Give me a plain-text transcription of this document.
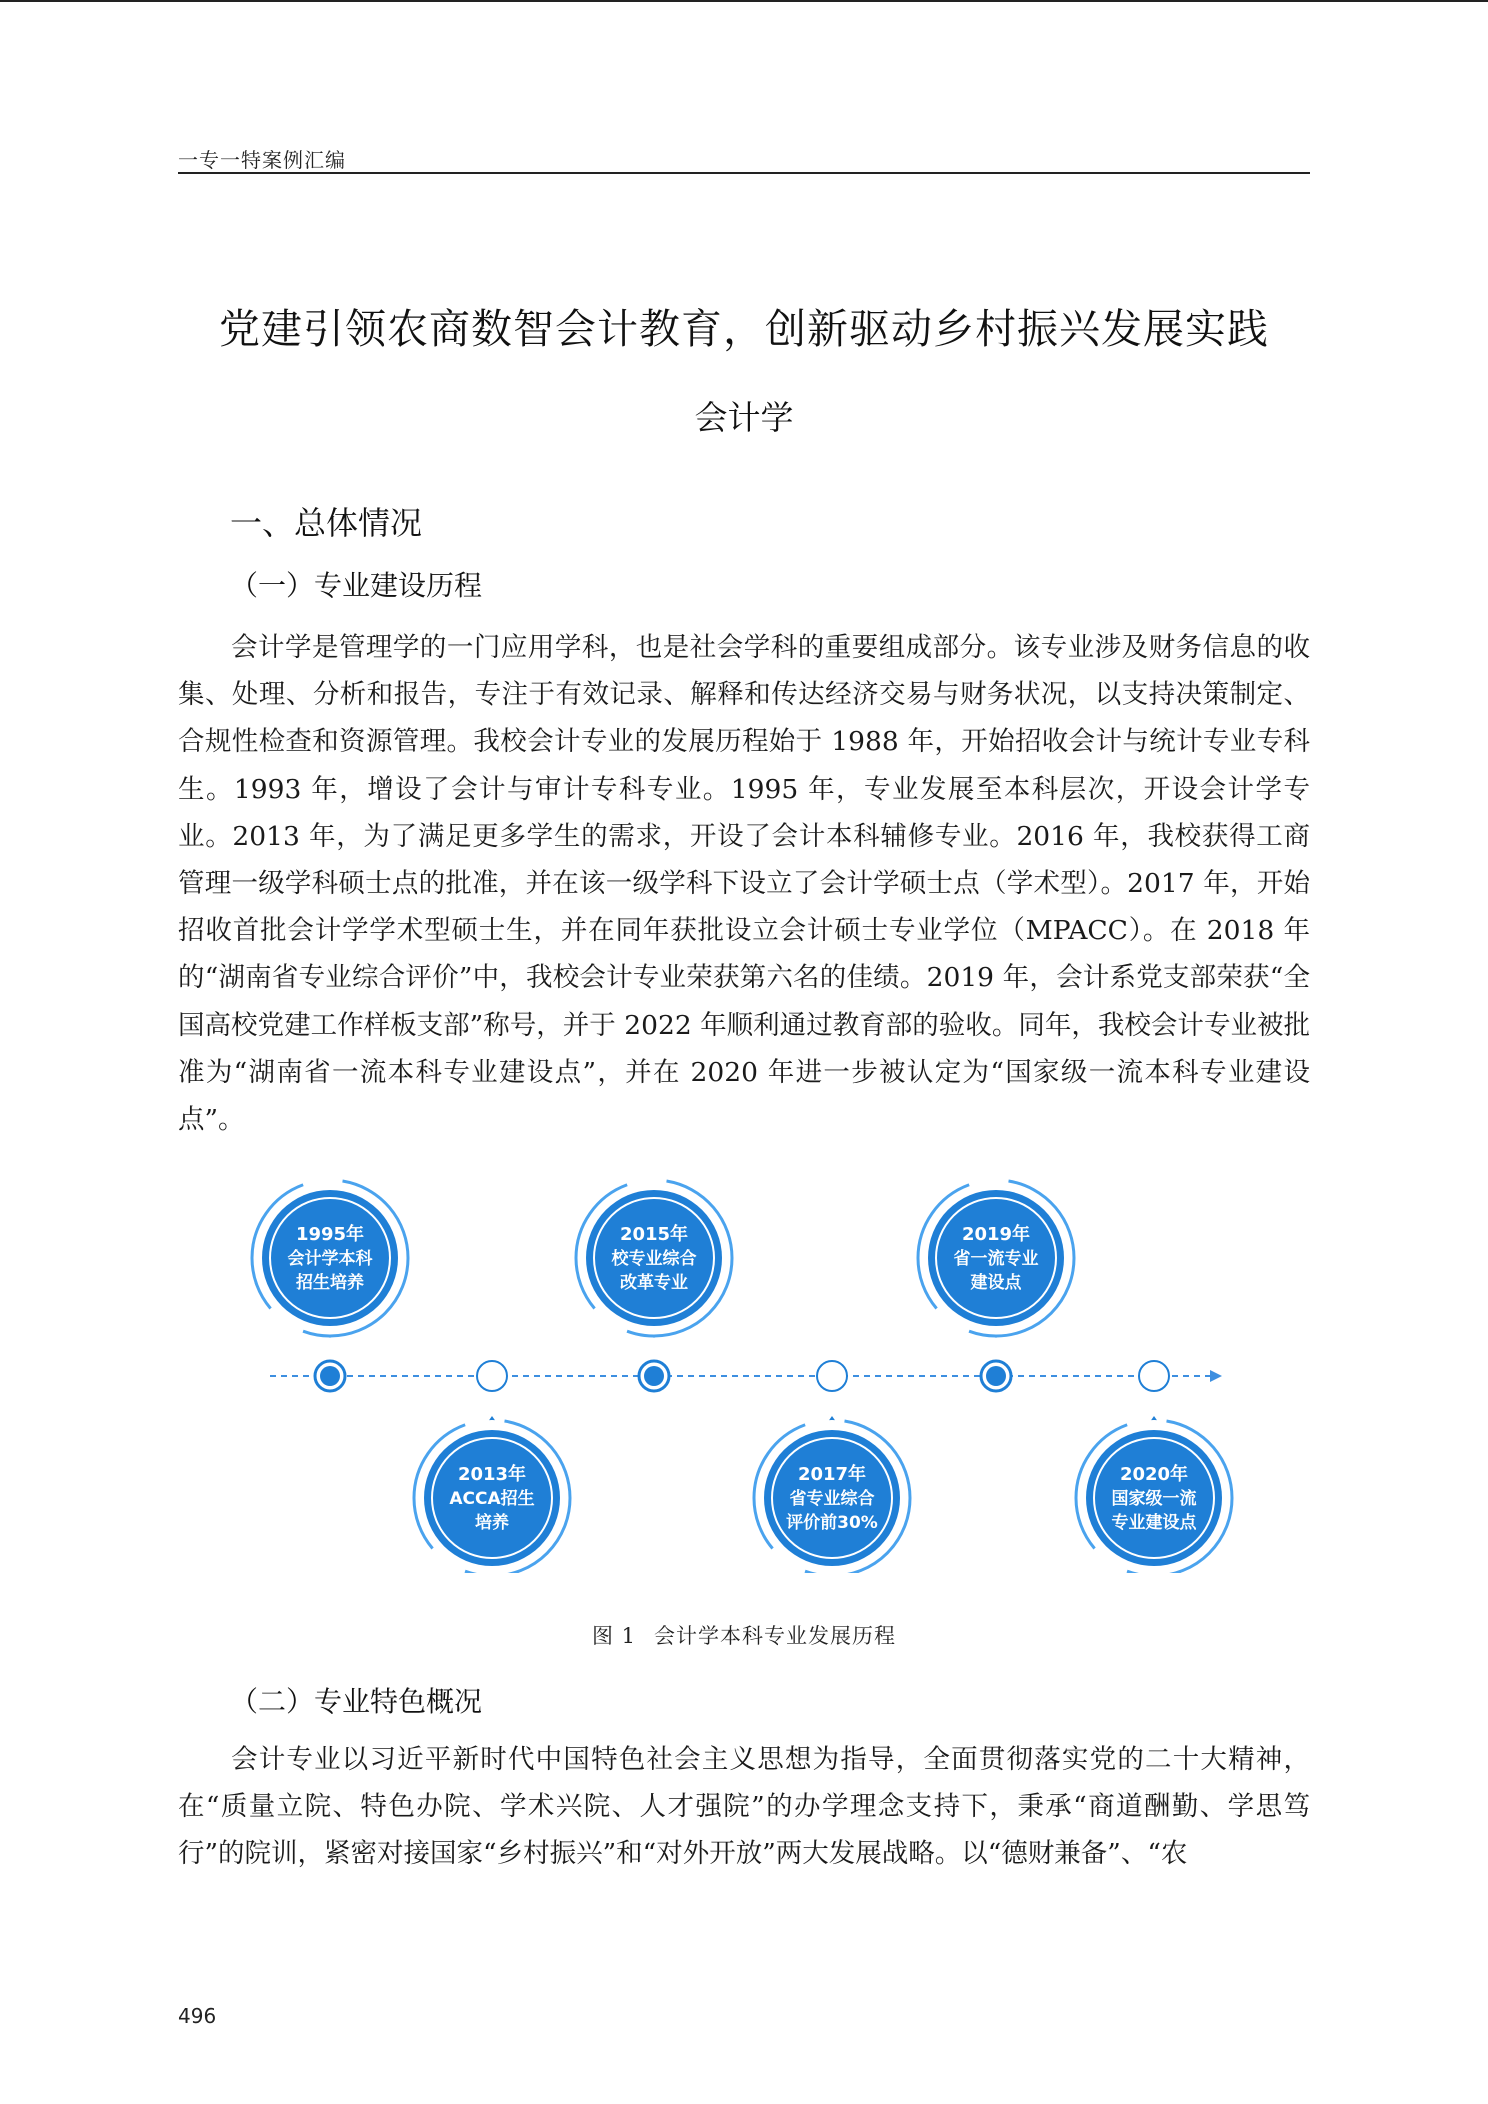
一专一特案例汇编
党建引领农商数智会计教育，创新驱动乡村振兴发展实践
会计学
一、总体情况
（一）专业建设历程

会计学是管理学的一门应用学科，也是社会学科的重要组成部分。该专业涉及财务信息的收集、处理、分析和报告，专注于有效记录、解释和传达经济交易与财务状况，以支持决策制定、合规性检查和资源管理。我校会计专业的发展历程始于 1988 年，开始招收会计与统计专业专科生。1993 年，增设了会计与审计专科专业。1995 年，专业发展至本科层次，开设会计学专业。2013 年，为了满足更多学生的需求，开设了会计本科辅修专业。2016 年，我校获得工商管理一级学科硕士点的批准，并在该一级学科下设立了会计学硕士点（学术型）。2017 年，开始招收首批会计学学术型硕士生，并在同年获批设立会计硕士专业学位（MPACC）。在 2018 年的“湖南省专业综合评价”中，我校会计专业荣获第六名的佳绩。2019 年，会计系党支部荣获“全国高校党建工作样板支部”称号，并于 2022 年顺利通过教育部的验收。同年，我校会计专业被批准为“湖南省一流本科专业建设点”，并在 2020 年进一步被认定为“国家级一流本科专业建设点”。

1995年
会计学本科
招生培养
2013年
ACCA招生
培养
2015年
校专业综合
改革专业
2017年
省专业综合
评价前30%
2019年
省一流专业
建设点
2020年
国家级一流
专业建设点
图 1 会计学本科专业发展历程
（二）专业特色概况

会计专业以习近平新时代中国特色社会主义思想为指导，全面贯彻落实党的二十大精神，在“质量立院、特色办院、学术兴院、人才强院”的办学理念支持下，秉承“商道酬勤、学思笃行”的院训，紧密对接国家“乡村振兴”和“对外开放”两大发展战略。以“德财兼备”、“农

496
